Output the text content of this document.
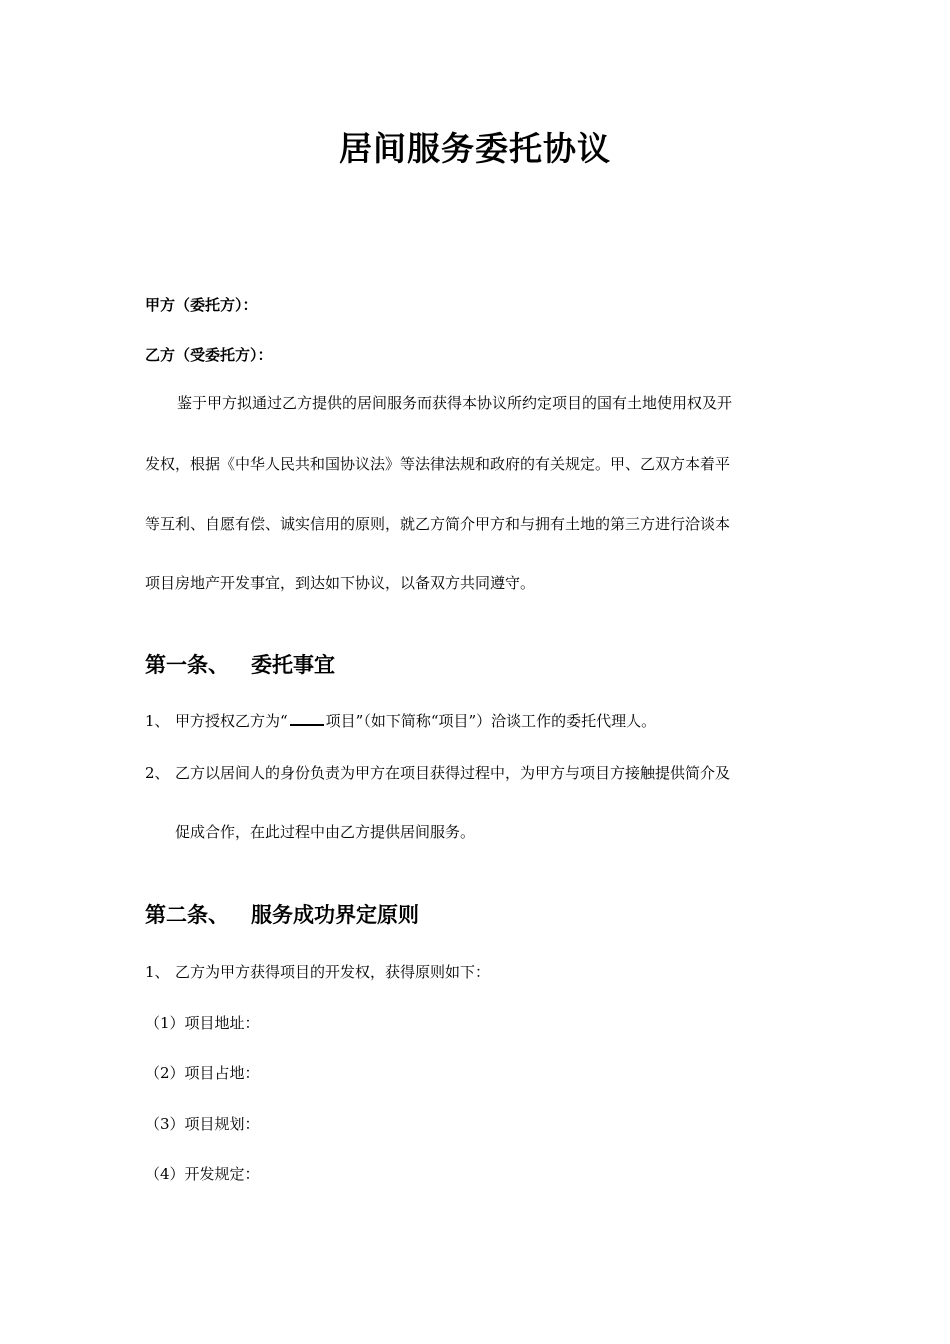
居间服务委托协议
甲方（委托方）：
乙方（受委托方）：
鉴于甲方拟通过乙方提供的居间服务而获得本协议所约定项目的国有土地使用权及开
发权，根据《中华人民共和国协议法》等法律法规和政府的有关规定。甲、乙双方本着平
等互利、自愿有偿、诚实信用的原则，就乙方简介甲方和与拥有土地的第三方进行洽谈本
项目房地产开发事宜，到达如下协议，以备双方共同遵守。
第一条、 委托事宜
1、 甲方授权乙方为“	项目”（如下简称“项目”）洽谈工作的委托代理人。
2、 乙方以居间人的身份负责为甲方在项目获得过程中，为甲方与项目方接触提供简介及
促成合作，在此过程中由乙方提供居间服务。
第二条、 服务成功界定原则
1、 乙方为甲方获得项目的开发权，获得原则如下：
（1）项目地址：
（2）项目占地：
（3）项目规划：
（4）开发规定：
